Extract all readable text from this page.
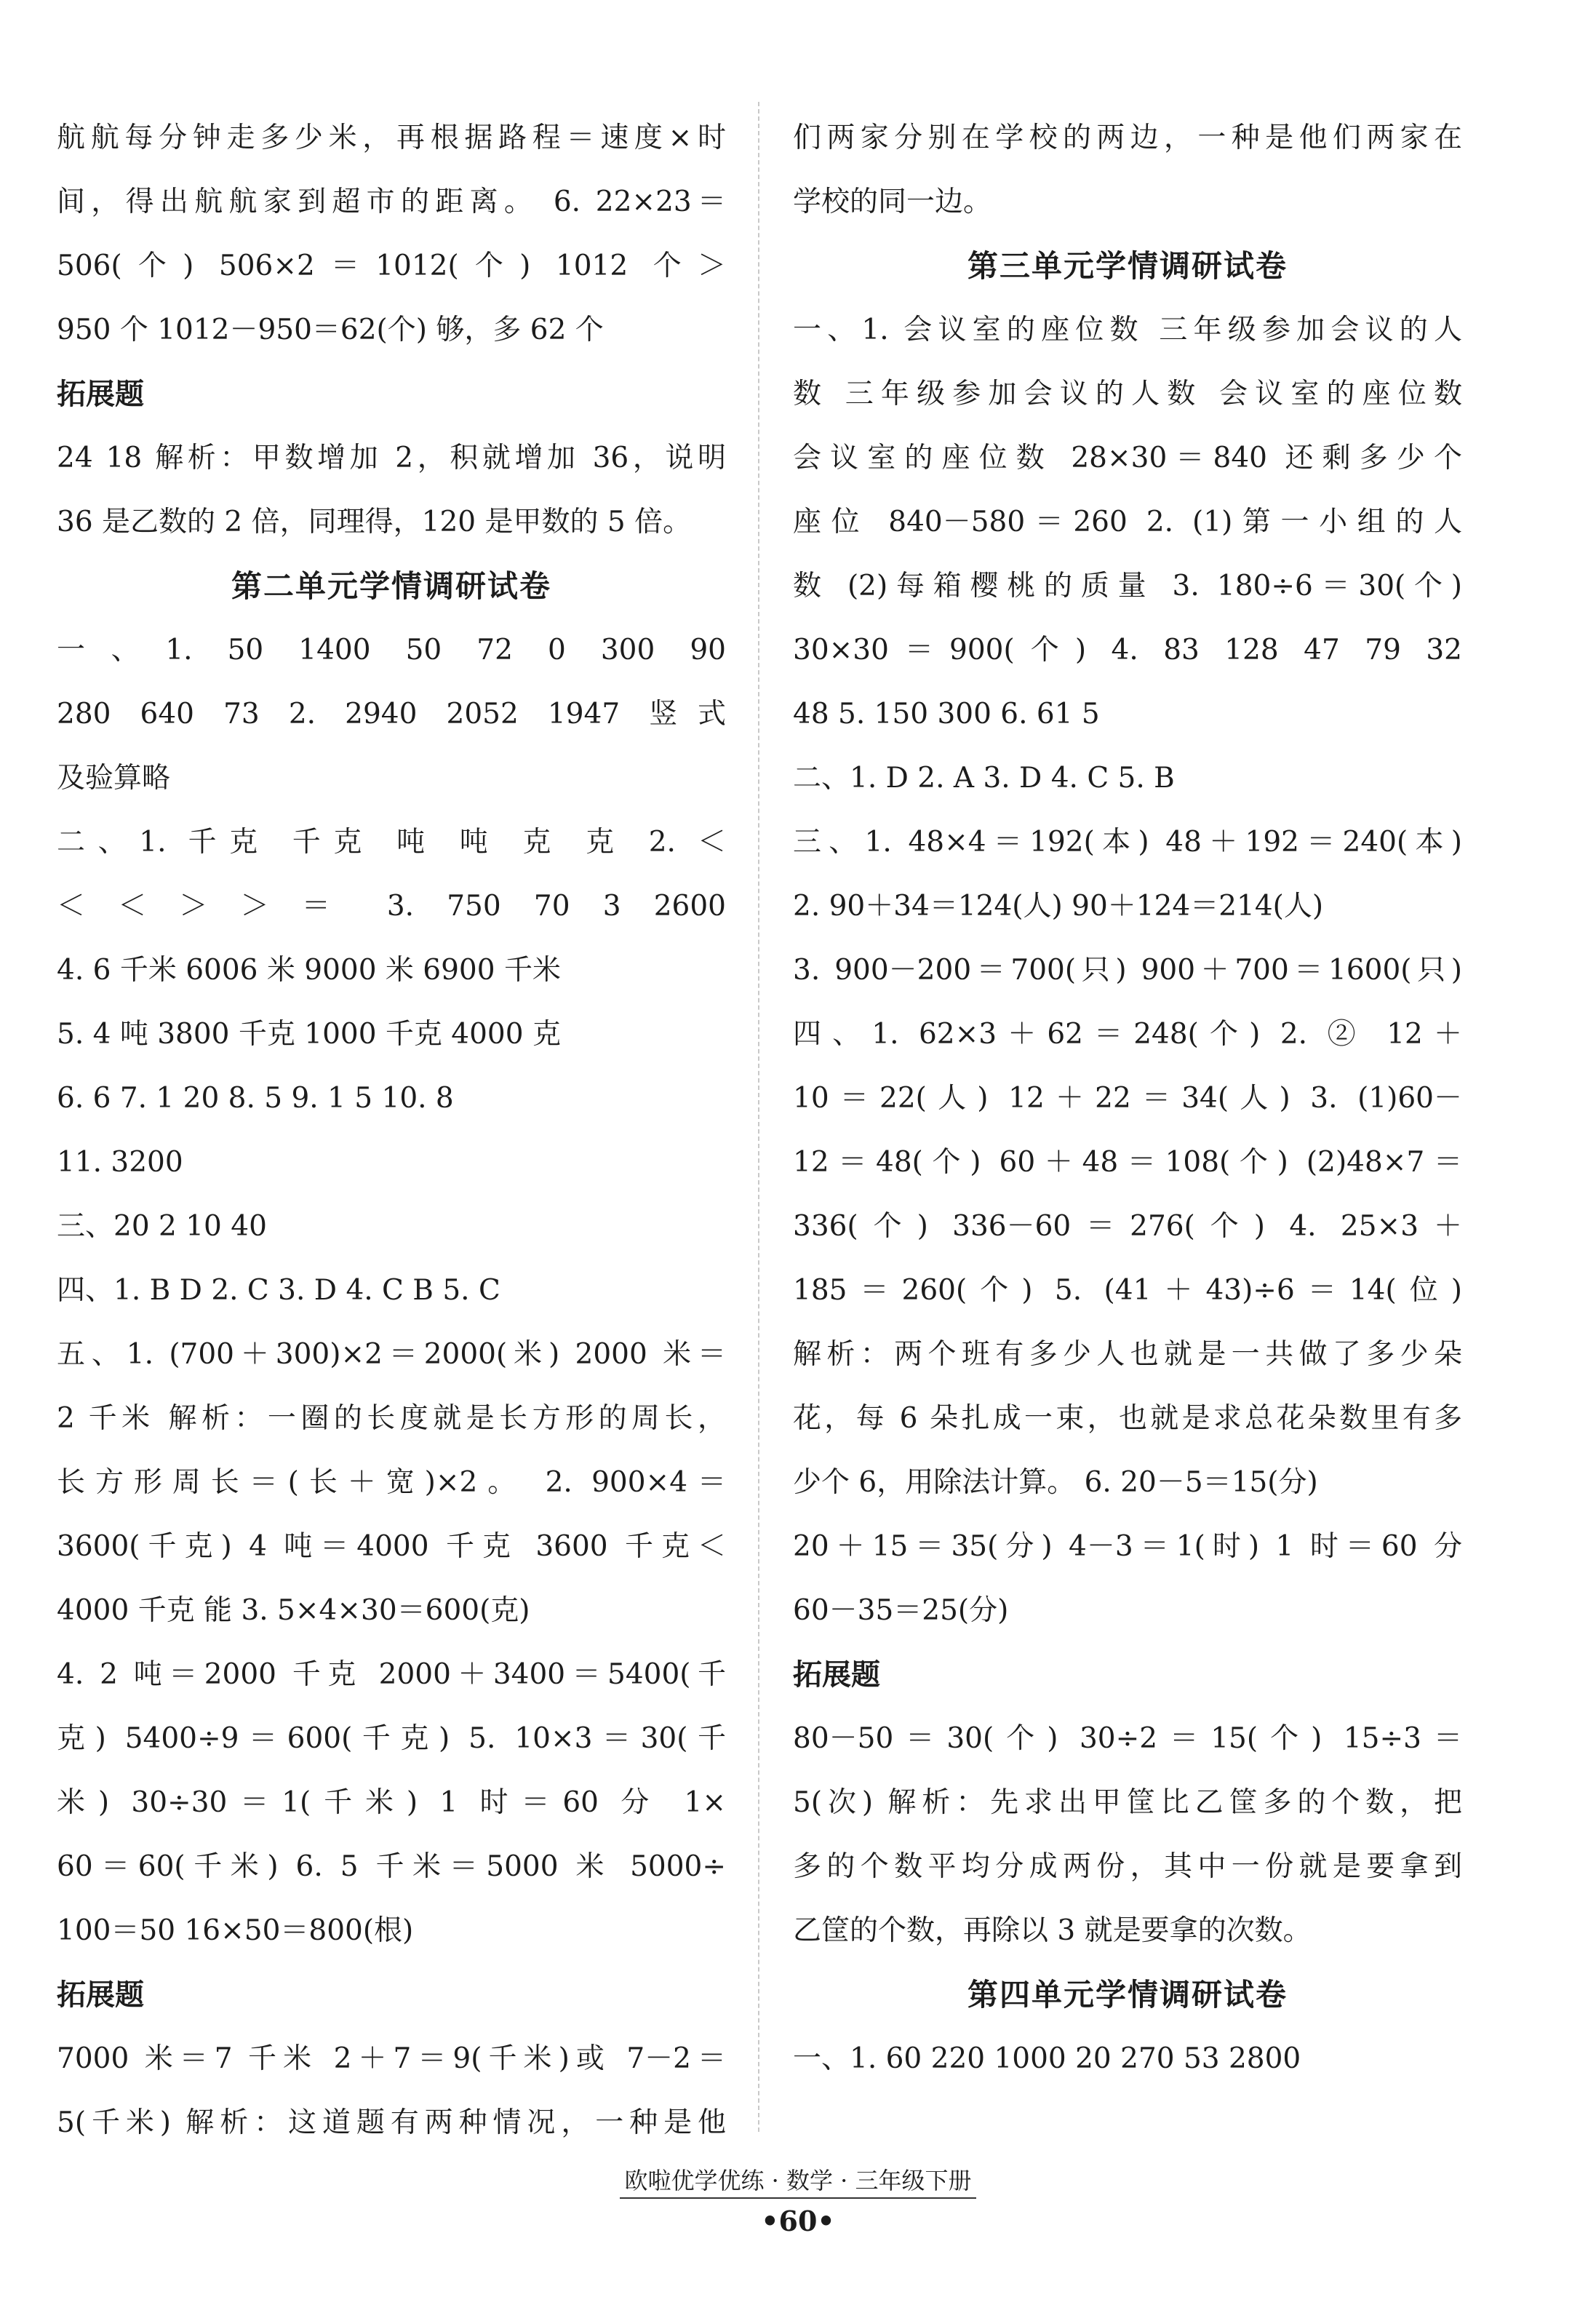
航航每分钟走多少米，再根据路程＝速度×时
间，得出航航家到超市的距离。 6. 22×23＝
506(个) 506×2＝1012(个) 1012 个＞
950 个 1012－950＝62(个) 够，多 62 个
拓展题
24 18 解析：甲数增加 2，积就增加 36，说明
36 是乙数的 2 倍，同理得，120 是甲数的 5 倍。
第二单元学情调研试卷
一、1. 50 1400 50 72 0 300 90
280 640 73 2. 2940 2052 1947 竖式
及验算略
二、1. 千克 千克 吨 吨 克 克 2. ＜
＜ ＜ ＞ ＞ ＝ 3. 750 70 3 2600
4. 6 千米 6006 米 9000 米 6900 千米
5. 4 吨 3800 千克 1000 千克 4000 克
6. 6 7. 1 20 8. 5 9. 1 5 10. 8
11. 3200
三、20 2 10 40
四、1. B D 2. C 3. D 4. C B 5. C
五、1. (700＋300)×2＝2000(米) 2000 米＝
2 千米 解析：一圈的长度就是长方形的周长，
长方形周长＝(长＋宽)×2。 2. 900×4＝
3600(千克) 4 吨＝4000 千克 3600 千克＜
4000 千克 能 3. 5×4×30＝600(克)
4. 2 吨＝2000 千克 2000＋3400＝5400(千
克) 5400÷9＝600(千克) 5. 10×3＝30(千
米) 30÷30＝1(千米) 1 时＝60 分 1×
60＝60(千米) 6. 5 千米＝5000 米 5000÷
100＝50 16×50＝800(根)
拓展题
7000 米＝7 千米 2＋7＝9(千米)或 7－2＝
5(千米) 解析：这道题有两种情况，一种是他
们两家分别在学校的两边，一种是他们两家在
学校的同一边。
第三单元学情调研试卷
一、1. 会议室的座位数 三年级参加会议的人
数 三年级参加会议的人数 会议室的座位数
会议室的座位数 28×30＝840 还剩多少个
座位 840－580＝260 2. (1)第一小组的人
数 (2)每箱樱桃的质量 3. 180÷6＝30(个)
30×30＝900(个) 4. 83 128 47 79 32
48 5. 150 300 6. 61 5
二、1. D 2. A 3. D 4. C 5. B
三、1. 48×4＝192(本) 48＋192＝240(本)
2. 90＋34＝124(人) 90＋124＝214(人)
3. 900－200＝700(只) 900＋700＝1600(只)
四、1. 62×3＋62＝248(个) 2. ② 12＋
10＝22(人) 12＋22＝34(人) 3. (1)60－
12＝48(个) 60＋48＝108(个) (2)48×7＝
336(个) 336－60＝276(个) 4. 25×3＋
185＝260(个) 5. (41＋43)÷6＝14(位)
解析：两个班有多少人也就是一共做了多少朵
花，每 6 朵扎成一束，也就是求总花朵数里有多
少个 6，用除法计算。 6. 20－5＝15(分)
20＋15＝35(分) 4－3＝1(时) 1 时＝60 分
60－35＝25(分)
拓展题
80－50＝30(个) 30÷2＝15(个) 15÷3＝
5(次) 解析：先求出甲筐比乙筐多的个数，把
多的个数平均分成两份，其中一份就是要拿到
乙筐的个数，再除以 3 就是要拿的次数。
第四单元学情调研试卷
一、1. 60 220 1000 20 270 53 2800
欧啦优学优练 · 数学 · 三年级下册
•60•
